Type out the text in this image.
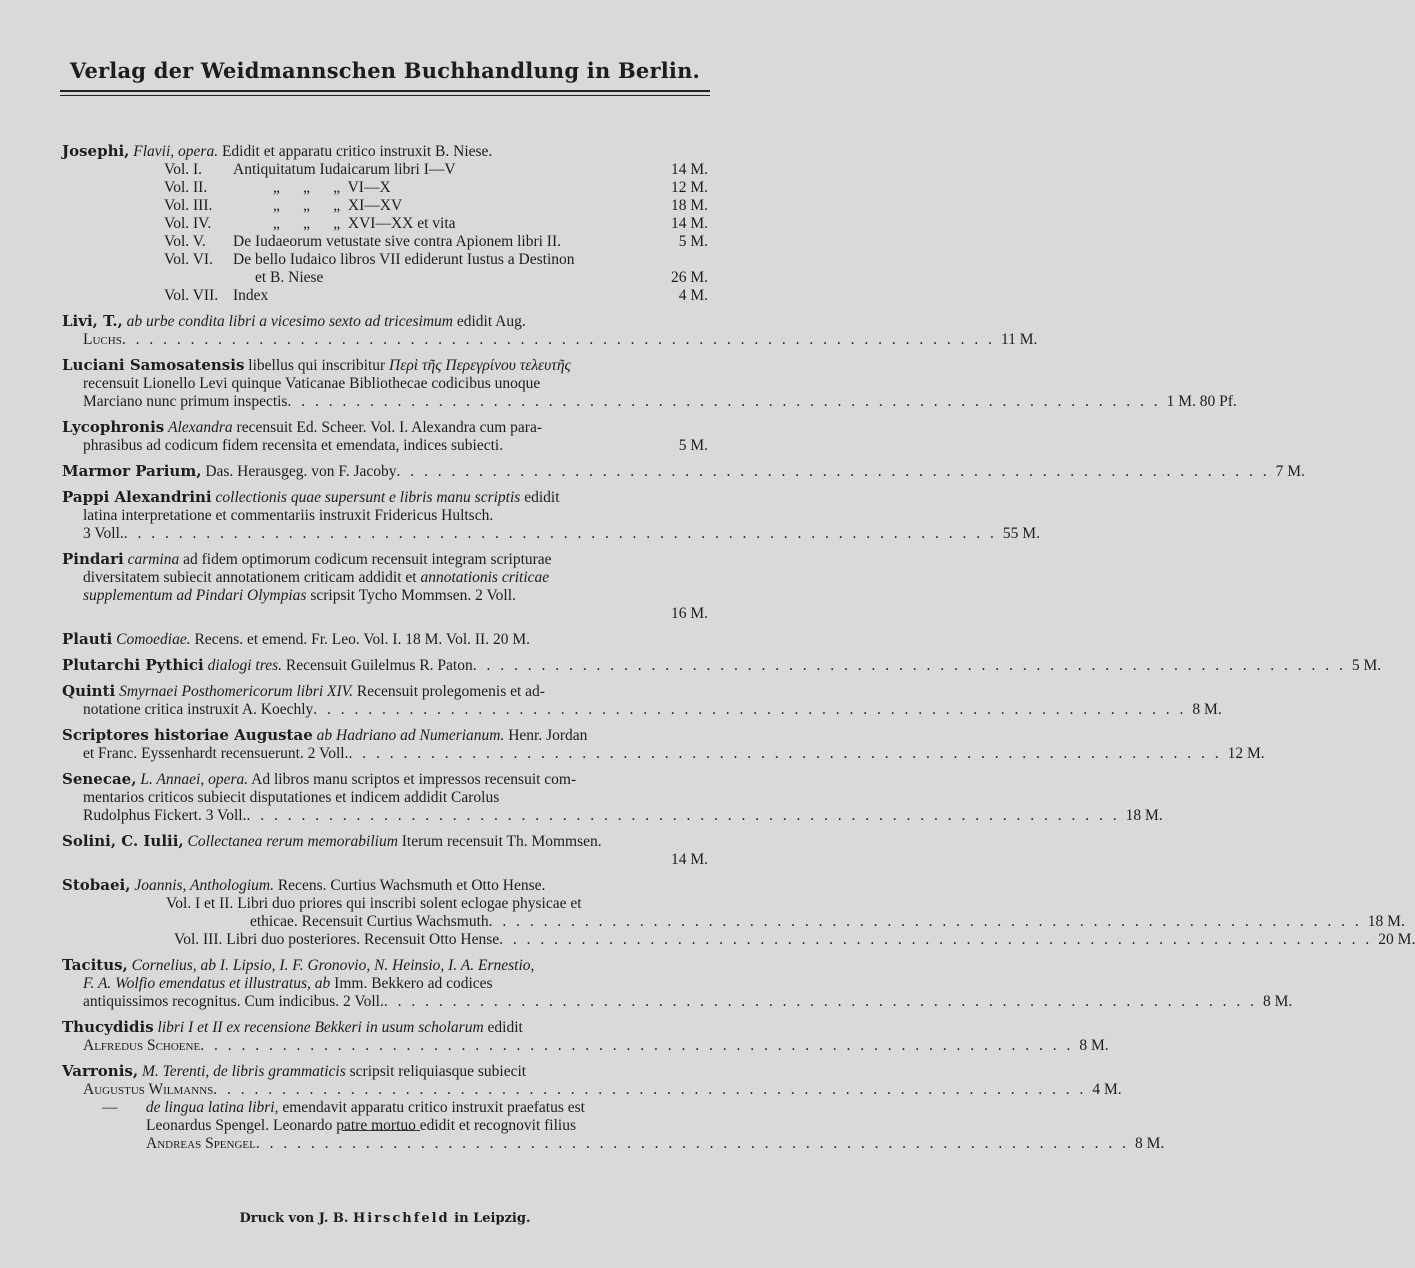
Verlag der Weidmannschen Buchhandlung in Berlin.
Josephi, Flavii, opera. Edidit et apparatu critico instruxit B. Niese.
Vol. I.	Antiquitatum Iudaicarum libri I—V	14 M.
Vol. II.	„      „      „  VI—X	12 M.
Vol. III.	„      „      „  XI—XV	18 M.
Vol. IV.	„      „      „  XVI—XX et vita	14 M.
Vol. V.	De Iudaeorum vetustate sive contra Apionem libri II.	5 M.
Vol. VI.	De bello Iudaico libros VII ediderunt Iustus a Destinon
et B. Niese	26 M.
Vol. VII. Index	4 M.
Livi, T., ab urbe condita libri a vicesimo sexto ad tricesimum edidit Aug.
Luchs . . .	11 M.
Luciani Samosatensis libellus qui inscribitur Περὶ τῆς Περεγρίνου τελευτῆς
recensuit Lionello Levi quinque Vaticanae Bibliothecae codicibus unoque
Marciano nunc primum inspectis . . .	1 M. 80 Pf.
Lycophronis Alexandra recensuit Ed. Scheer. Vol. I. Alexandra cum para-
phrasibus ad codicum fidem recensita et emendata, indices subiecti.	5 M.
Marmor Parium, Das. Herausgeg. von F. Jacoby . . .	7 M.
Pappi Alexandrini collectionis quae supersunt e libris manu scriptis edidit
latina interpretatione et commentariis instruxit Fridericus Hultsch.
3 Voll. . . .	55 M.
Pindari carmina ad fidem optimorum codicum recensuit integram scripturae
diversitatem subiecit annotationem criticam addidit et annotationis criticae
supplementum ad Pindari Olympias scripsit Tycho Mommsen. 2 Voll.
16 M.
Plauti Comoediae. Recens. et emend. Fr. Leo. Vol. I. 18 M. Vol. II. 20 M.
Plutarchi Pythici dialogi tres. Recensuit Guilelmus R. Paton . . .	5 M.
Quinti Smyrnaei Posthomericorum libri XIV. Recensuit prolegomenis et ad-
notatione critica instruxit A. Koechly . . .	8 M.
Scriptores historiae Augustae ab Hadriano ad Numerianum. Henr. Jordan
et Franc. Eyssenhardt recensuerunt. 2 Voll. . . .	12 M.
Senecae, L. Annaei, opera. Ad libros manu scriptos et impressos recensuit com-
mentarios criticos subiecit disputationes et indicem addidit Carolus
Rudolphus Fickert. 3 Voll. . . .	18 M.
Solini, C. Iulii, Collectanea rerum memorabilium Iterum recensuit Th. Mommsen.
14 M.
Stobaei, Joannis, Anthologium. Recens. Curtius Wachsmuth et Otto Hense.
Vol. I et II. Libri duo priores qui inscribi solent eclogae physicae et
ethicae. Recensuit Curtius Wachsmuth . . .	18 M.
Vol. III. Libri duo posteriores. Recensuit Otto Hense . . .	20 M.
Tacitus, Cornelius, ab I. Lipsio, I. F. Gronovio, N. Heinsio, I. A. Ernestio,
F. A. Wolfio emendatus et illustratus, ab Imm. Bekkero ad codices
antiquissimos recognitus. Cum indicibus. 2 Voll. . . .	8 M.
Thucydidis libri I et II ex recensione Bekkeri in usum scholarum edidit
Alfredus Schoene . . .	8 M.
Varronis, M. Terenti, de libris grammaticis scripsit reliquiasque subiecit
Augustus Wilmanns . . .	4 M.
— de lingua latina libri, emendavit apparatu critico instruxit praefatus est
Leonardus Spengel. Leonardo patre mortuo edidit et recognovit filius
Andreas Spengel . . .	8 M.
Druck von J. B. Hirschfeld in Leipzig.
